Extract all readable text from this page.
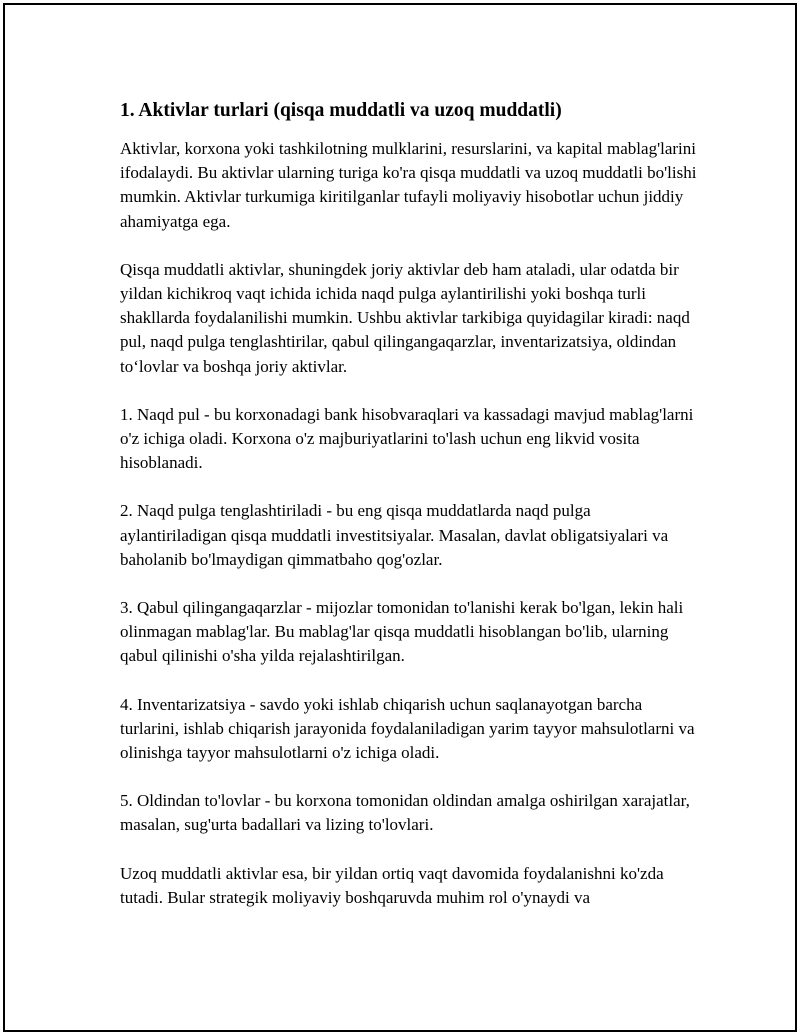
1. Aktivlar turlari (qisqa muddatli va uzoq muddatli)

Aktivlar, korxona yoki tashkilotning mulklarini, resurslarini, va kapital mablag'larini ifodalaydi. Bu aktivlar ularning turiga ko'ra qisqa muddatli va uzoq muddatli bo'lishi mumkin. Aktivlar turkumiga kiritilganlar tufayli moliyaviy hisobotlar uchun jiddiy ahamiyatga ega.

Qisqa muddatli aktivlar, shuningdek joriy aktivlar deb ham ataladi, ular odatda bir yildan kichikroq vaqt ichida ichida naqd pulga aylantirilishi yoki boshqa turli shakllarda foydalanilishi mumkin. Ushbu aktivlar tarkibiga quyidagilar kiradi: naqd pul, naqd pulga tenglashtirilar, qabul qilingangaqarzlar, inventarizatsiya, oldindan to‘lovlar va boshqa joriy aktivlar.

1. Naqd pul - bu korxonadagi bank hisobvaraqlari va kassadagi mavjud mablag'larni o'z ichiga oladi. Korxona o'z majburiyatlarini to'lash uchun eng likvid vosita hisoblanadi.

2. Naqd pulga tenglashtiriladi - bu eng qisqa muddatlarda naqd pulga aylantiriladigan qisqa muddatli investitsiyalar. Masalan, davlat obligatsiyalari va baholanib bo'lmaydigan qimmatbaho qog'ozlar.

3. Qabul qilingangaqarzlar - mijozlar tomonidan to'lanishi kerak bo'lgan, lekin hali olinmagan mablag'lar. Bu mablag'lar qisqa muddatli hisoblangan bo'lib, ularning qabul qilinishi o'sha yilda rejalashtirilgan.

4. Inventarizatsiya - savdo yoki ishlab chiqarish uchun saqlanayotgan barcha turlarini, ishlab chiqarish jarayonida foydalaniladigan yarim tayyor mahsulotlarni va olinishga tayyor mahsulotlarni o'z ichiga oladi.

5. Oldindan to'lovlar - bu korxona tomonidan oldindan amalga oshirilgan xarajatlar, masalan, sug'urta badallari va lizing to'lovlari.

Uzoq muddatli aktivlar esa, bir yildan ortiq vaqt davomida foydalanishni ko'zda tutadi. Bular strategik moliyaviy boshqaruvda muhim rol o'ynaydi va
